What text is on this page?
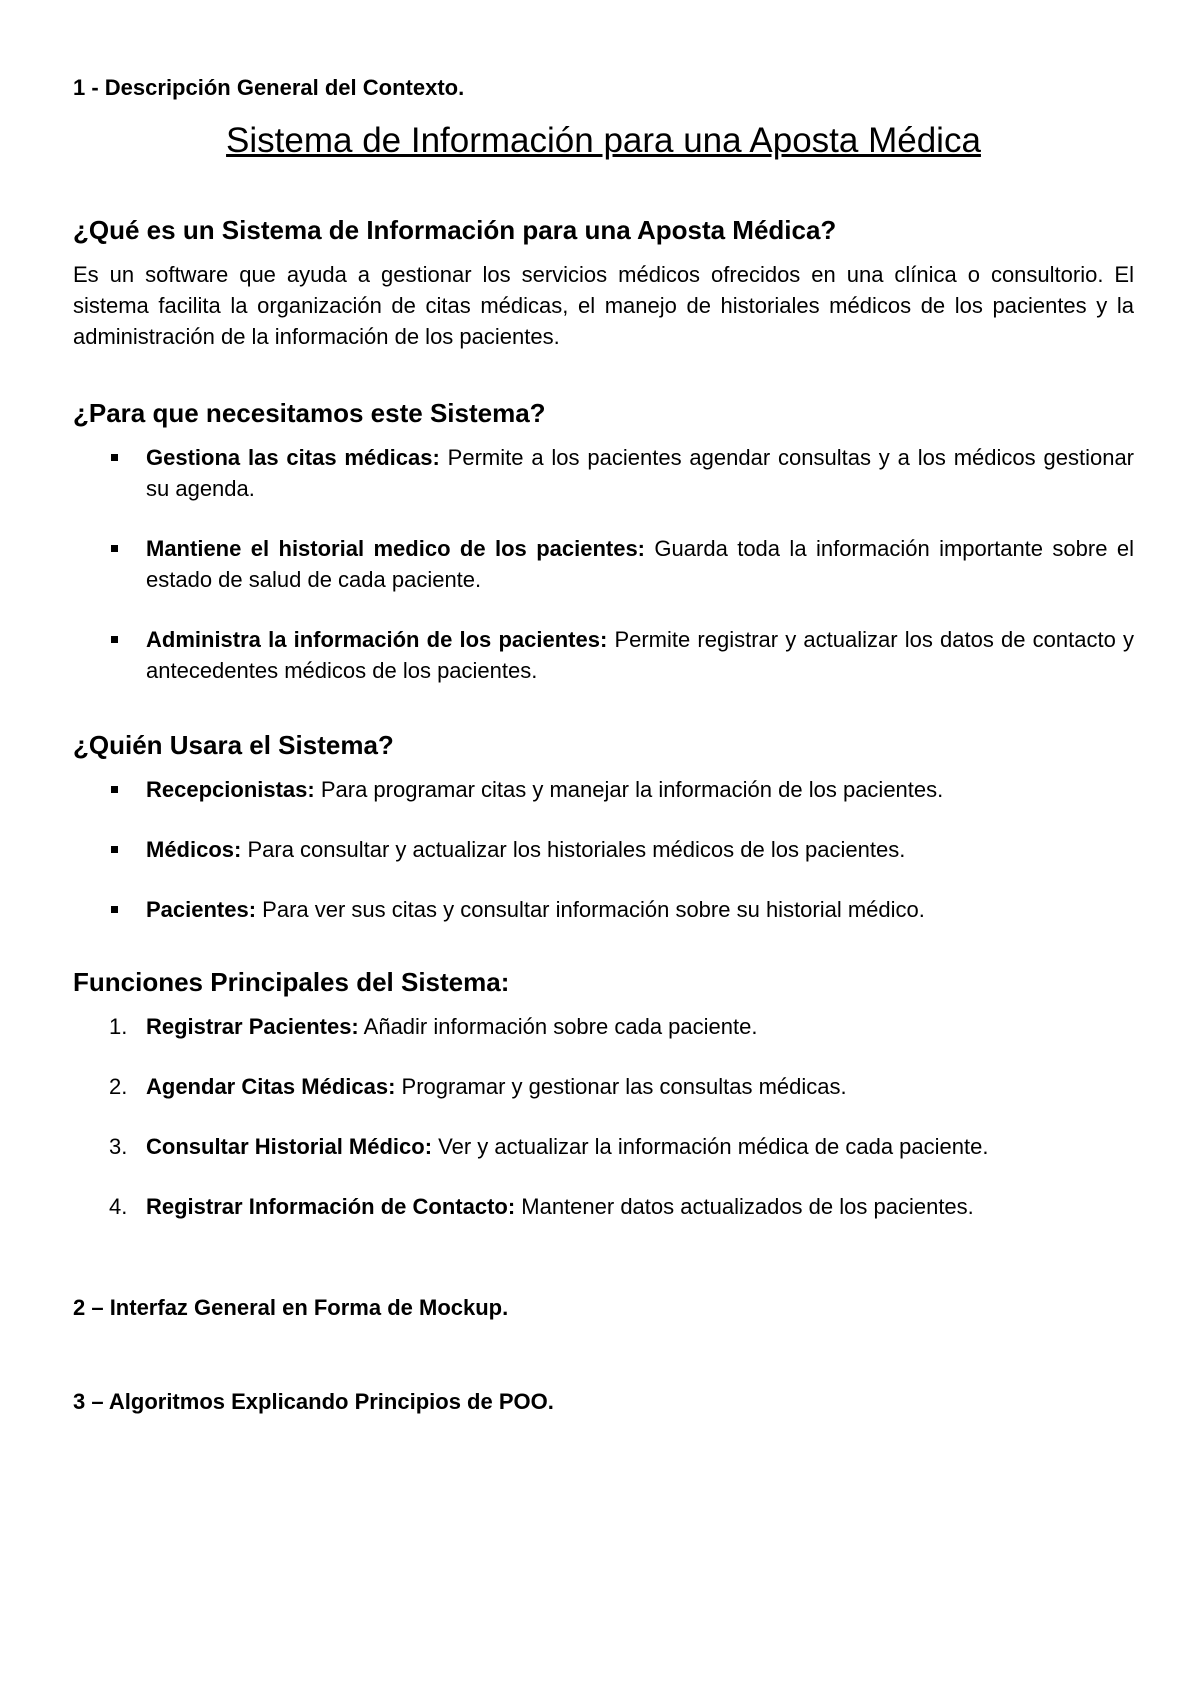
1 - Descripción General del Contexto.

Sistema de Información para una Aposta Médica
¿Qué es un Sistema de Información para una Aposta Médica?

Es un software que ayuda a gestionar los servicios médicos ofrecidos en una clínica o consultorio. El sistema facilita la organización de citas médicas, el manejo de historiales médicos de los pacientes y la administración de la información de los pacientes.

¿Para que necesitamos este Sistema?
Gestiona las citas médicas: Permite a los pacientes agendar consultas y a los médicos gestionar su agenda.
Mantiene el historial medico de los pacientes: Guarda toda la información importante sobre el estado de salud de cada paciente.
Administra la información de los pacientes: Permite registrar y actualizar los datos de contacto y antecedentes médicos de los pacientes.
¿Quién Usara el Sistema?
Recepcionistas: Para programar citas y manejar la información de los pacientes.
Médicos: Para consultar y actualizar los historiales médicos de los pacientes.
Pacientes: Para ver sus citas y consultar información sobre su historial médico.
Funciones Principales del Sistema:
1. Registrar Pacientes: Añadir información sobre cada paciente.
2. Agendar Citas Médicas: Programar y gestionar las consultas médicas.
3. Consultar Historial Médico: Ver y actualizar la información médica de cada paciente.
4. Registrar Información de Contacto: Mantener datos actualizados de los pacientes.

2 – Interfaz General en Forma de Mockup.

3 – Algoritmos Explicando Principios de POO.
